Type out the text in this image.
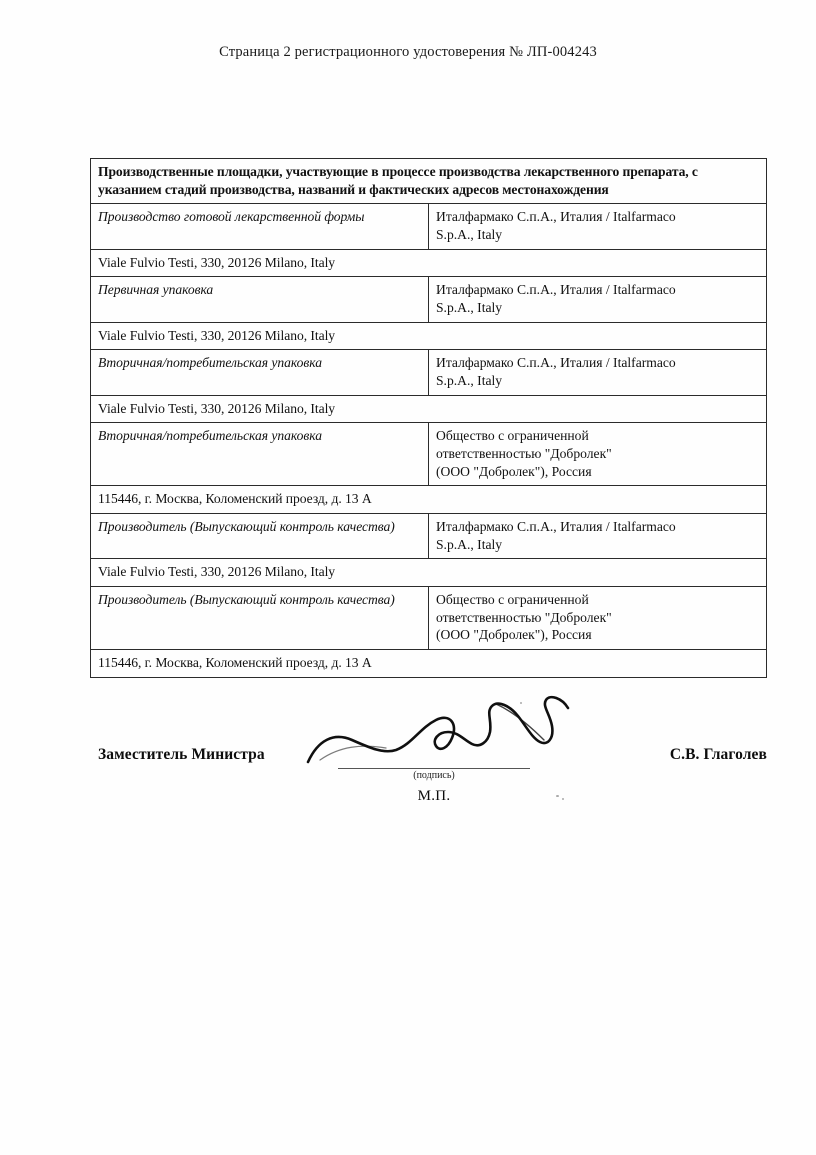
Страница 2 регистрационного удостоверения № ЛП-004243
Производственные площадки, участвующие в процессе производства лекарственного препарата, с указанием стадий производства, названий и фактических адресов местонахождения	
Производство готовой лекарственной формы	Италфармако С.п.А., Италия / Italfarmaco
S.p.A., Italy

Viale Fulvio Testi, 330, 20126 Milano, Italy	
Первичная упаковка	Италфармако С.п.А., Италия / Italfarmaco
S.p.A., Italy

Viale Fulvio Testi, 330, 20126 Milano, Italy	
Вторичная/потребительская упаковка	Италфармако С.п.А., Италия / Italfarmaco
S.p.A., Italy

Viale Fulvio Testi, 330, 20126 Milano, Italy	
Вторичная/потребительская упаковка	Общество с ограниченной
ответственностью "Добролек"
(ООО "Добролек"), Россия

115446, г. Москва, Коломенский проезд, д. 13 А	
Производитель (Выпускающий контроль качества)	Италфармако С.п.А., Италия / Italfarmaco
S.p.A., Italy

Viale Fulvio Testi, 330, 20126 Milano, Italy	
Производитель (Выпускающий контроль качества)	Общество с ограниченной
ответственностью "Добролек"
(ООО "Добролек"), Россия

115446, г. Москва, Коломенский проезд, д. 13 А	
Заместитель Министра
(подпись)
М.П.
С.В. Глаголев
